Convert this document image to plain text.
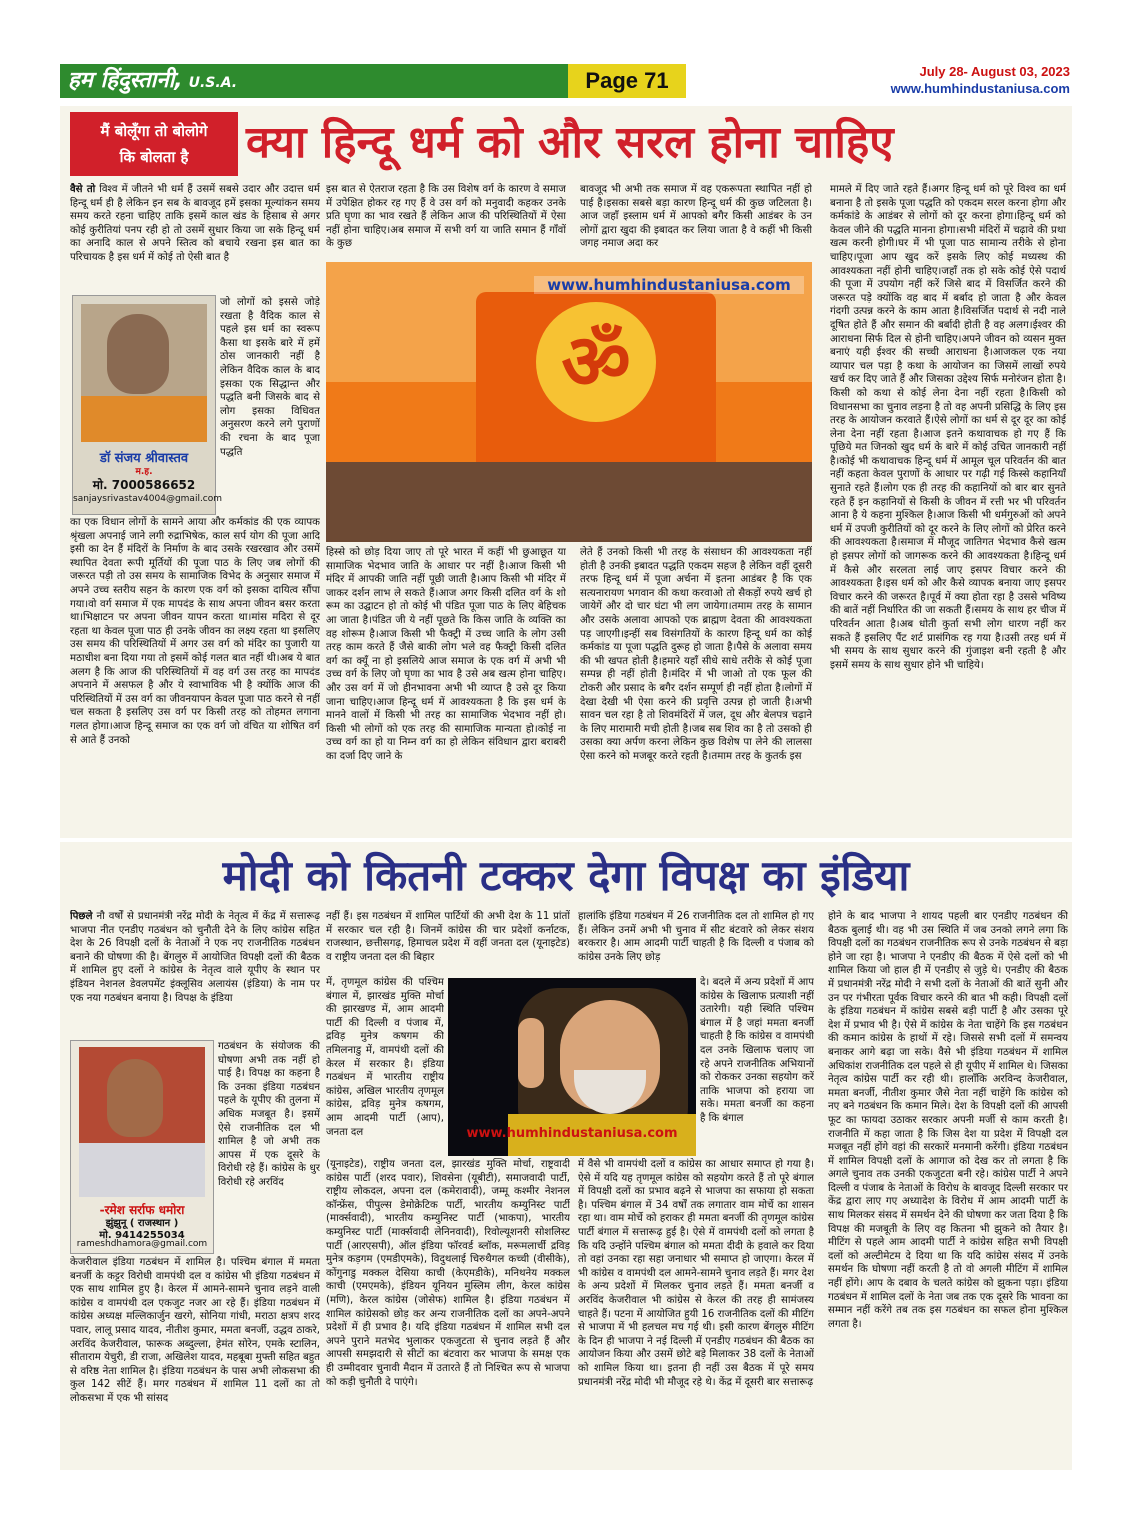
हम हिंदुस्तानी, U.S.A.	Page 71	July 28- August 03, 2023
www.humhindustaniusa.com
मैं बोलूँगा तो बोलोगे
कि बोलता है	क्या हिन्दू धर्म को और सरल होना चाहिए
वैसे तो विश्व में जीतने भी धर्म हैं उसमें सबसे उदार और उदात्त धर्म हिन्दू धर्म ही है लेकिन इन सब के बावजूद हमें इसका मूल्यांकन समय समय करते रहना चाहिए ताकि इसमें काल खंड के हिसाब से अगर कोई कुरीतियां पनप रही हो तो उसमें सुधार किया जा सके हिन्दू धर्म का अनादि काल से अपने स्तित्व को बचाये रखना इस बात का परिचायक है इस धर्म में कोई तो ऐसी बात है
जो लोगों को इससे जोड़े रखता है वैदिक काल से पहले इस धर्म का स्वरूप कैसा था इसके बारे में हमें ठोस जानकारी नहीं है लेकिन वैदिक काल के बाद इसका एक सिद्धान्त और पद्धति बनी जिसके बाद से लोग इसका विधिवत अनुसरण करने लगे पुराणों की रचना के बाद पूजा पद्धति
का एक विधान लोगों के सामने आया और कर्मकांड की एक व्यापक श्रृंखला अपनाई जाने लगी रुद्राभिषेक, काल सर्प योग की पूजा आदि इसी का देन हैं मंदिरों के निर्माण के बाद उसके रखरखाव और उसमें स्थापित देवता रूपी मूर्तियों की पूजा पाठ के लिए जब लोगों की जरूरत पड़ी तो उस समय के सामाजिक विभेद के अनुसार समाज में अपने उच्च स्तरीय सहन के कारण एक वर्ग को इसका दायित्व सौंपा गया।वो वर्ग समाज में एक मापदंड के साथ अपना जीवन बसर करता था।भिक्षाटन पर अपना जीवन यापन करता था।मांस मदिरा से दूर रहता था केवल पूजा पाठ ही उनके जीवन का लक्ष्य रहता था इसलिए उस समय की परिस्थितियों में अगर उस वर्ग को मंदिर का पुजारी या मठाधीश बना दिया गया तो इसमें कोई गलत बात नहीं थी।अब ये बात अलग है कि आज की परिस्थितियों में वह वर्ग उस तरह का मापदंड अपनाने में असफल है और ये स्वाभाविक भी है क्योंकि आज की परिस्थितियों में उस वर्ग का जीवनयापन केवल पूजा पाठ करने से नहीं चल सकता है इसलिए उस वर्ग पर किसी तरह को तोहमत लगाना गलत होगा।आज हिन्दू समाज का एक वर्ग जो वंचित या शोषित वर्ग से आते हैं उनको
डॉ संजय श्रीवास्तव
म.ह.
मो. 7000586652
sanjaysrivastav4004@gmail.com
इस बात से ऐतराज रहता है कि उस विशेष वर्ग के कारण वे समाज में उपेक्षित होकर रह गए हैं वे उस वर्ग को मनुवादी कहकर उनके प्रति घृणा का भाव रखते हैं लेकिन आज की परिस्थितियों में ऐसा नहीं होना चाहिए।अब समाज में सभी वर्ग या जाति समान हैं गाँवों के कुछ
बावजूद भी अभी तक समाज में वह एकरूपता स्थापित नहीं हो पाई है।इसका सबसे बड़ा कारण हिन्दू धर्म की कुछ जटिलता है।आज जहाँ इस्लाम धर्म में आपको बगैर किसी आडंबर के उन लोगों द्वारा खुदा की इबादत कर लिया जाता है वे कहीं भी किसी जगह नमाज अदा कर
ॐ
www.humhindustaniusa.com
हिस्से को छोड़ दिया जाए तो पूरे भारत में कहीं भी छुआछूत या सामाजिक भेदभाव जाति के आधार पर नहीं है।आज किसी भी मंदिर में आपकी जाति नहीं पूछी जाती है।आप किसी भी मंदिर में जाकर दर्शन लाभ ले सकते हैं।आज अगर किसी दलित वर्ग के शो रूम का उद्घाटन हो तो कोई भी पंडित पूजा पाठ के लिए बेहिचक आ जाता है।पंडित जी ये नहीं पूछते कि किस जाति के व्यक्ति का वह शोरूम है।आज किसी भी फैक्ट्री में उच्च जाति के लोग उसी तरह काम करते हैं जैसे बाकी लोग भले वह फैक्ट्री किसी दलित वर्ग का क्यूँ ना हो इसलिये आज समाज के एक वर्ग में अभी भी उच्च वर्ग के लिए जो घृणा का भाव है उसे अब खत्म होना चाहिए।और उस वर्ग में जो हीनभावना अभी भी व्याप्त है उसे दूर किया जाना चाहिए।आज हिन्दू धर्म में आवश्यकता है कि इस धर्म के मानने वालों में किसी भी तरह का सामाजिक भेदभाव नहीं हो।किसी भी लोगों को एक तरह की सामाजिक मान्यता हो।कोई ना उच्च वर्ग का हो या निम्न वर्ग का हो लेकिन संविधान द्वारा बराबरी का दर्जा दिए जाने के
लेते हैं उनको किसी भी तरह के संसाधन की आवश्यकता नहीं होती है उनकी इबादत पद्धति एकदम सहज है लेकिन वहीं दूसरी तरफ हिन्दू धर्म में पूजा अर्चना में इतना आडंबर है कि एक सत्यनारायण भगवान की कथा करवाओ तो सैकड़ों रुपये खर्च हो जायेगें और दो चार घंटा भी लग जायेगा।तमाम तरह के सामान और उसके अलावा आपको एक ब्राह्मण देवता की आवश्यकता पड़ जाएगी।इन्हीं सब विसंगतियों के कारण हिन्दू धर्म का कोई कर्मकांड या पूजा पद्धति दुरूह हो जाता है।पैसे के अलावा समय की भी खपत होती है।हमारे यहाँ सीधे साधे तरीके से कोई पूजा सम्पन्न ही नहीं होती है।मंदिर में भी जाओ तो एक फूल की टोकरी और प्रसाद के बगैर दर्शन सम्पूर्ण ही नहीं होता है।लोगों में देखा देखी भी ऐसा करने की प्रवृत्ति उत्पन्न हो जाती है।अभी सावन चल रहा है तो शिवमंदिरों में जल, दूध और बेलपत्र चढ़ाने के लिए मारामारी मची होती है।जब सब शिव का है तो उसको ही उसका क्या अर्पण करना लेकिन कुछ विशेष पा लेने की लालसा ऐसा करने को मजबूर करते रहती है।तमाम तरह के कुतर्क इस
मामले में दिए जाते रहते हैं।अगर हिन्दू धर्म को पूरे विश्व का धर्म बनाना है तो इसके पूजा पद्धति को एकदम सरल करना होगा और कर्मकांडे के आडंबर से लोगों को दूर करना होगा।हिन्दू धर्म को केवल जीने की पद्धति मानना होगा।सभी मंदिरों में चढ़ावे की प्रथा खत्म करनी होगी।घर में भी पूजा पाठ सामान्य तरीके से होना चाहिए।पूजा आप खुद करें इसके लिए कोई मध्यस्थ की आवश्यकता नहीं होनी चाहिए।जहाँ तक हो सके कोई ऐसे पदार्थ की पूजा में उपयोग नहीं करें जिसे बाद में विसर्जित करने की जरूरत पड़े क्योंकि वह बाद में बर्बाद हो जाता है और केवल गंदगी उत्पन्न करने के काम आता है।विसर्जित पदार्थ से नदी नाले दूषित होते हैं और समान की बर्बादी होती है वह अलग।ईश्वर की आराधना सिर्फ दिल से होनी चाहिए।अपने जीवन को व्यसन मुक्त बनाएं यही ईश्वर की सच्ची आराधना है।आजकल एक नया व्यापार चल पड़ा है कथा के आयोजन का जिसमें लाखों रुपये खर्च कर दिए जाते हैं और जिसका उद्देश्य सिर्फ मनोरंजन होता है।किसी को कथा से कोई लेना देना नहीं रहता है।किसी को विधानसभा का चुनाव लड़ना है तो वह अपनी प्रसिद्धि के लिए इस तरह के आयोजन करवाते हैं।ऐसे लोगों का धर्म से दूर दूर का कोई लेना देना नहीं रहता है।आज इतने कथावाचक हो गए हैं कि पूछिये मत जिनको खुद धर्म के बारे में कोई उचित जानकारी नहीं है।कोई भी कथावाचक हिन्दू धर्म में आमूल चूल परिवर्तन की बात नहीं कहता केवल पुराणों के आधार पर गढ़ी गई किस्से कहानियाँ सुनाते रहते हैं।लोग एक ही तरह की कहानियों को बार बार सुनते रहते हैं इन कहानियों से किसी के जीवन में रत्ती भर भी परिवर्तन आना है ये कहना मुश्किल है।आज किसी भी धर्मगुरुओं को अपने धर्म में उपजी कुरीतियों को दूर करने के लिए लोगों को प्रेरित करने की आवश्यकता है।समाज में मौजूद जातिगत भेदभाव कैसे खत्म हो इसपर लोगों को जागरूक करने की आवश्यकता है।हिन्दू धर्म में कैसे और सरलता लाई जाए इसपर विचार करने की आवश्यकता है।इस धर्म को और कैसे व्यापक बनाया जाए इसपर विचार करने की जरूरत है।पूर्व में क्या होता रहा है उससे भविष्य की बातें नहीं निर्धारित की जा सकती हैं।समय के साथ हर चीज में परिवर्तन आता है।अब धोती कुर्ता सभी लोग धारण नहीं कर सकते हैं इसलिए पैंट शर्ट प्रासंगिक रह गया है।उसी तरह धर्म में भी समय के साथ सुधार करने की गुंजाइश बनी रहती है और इसमें समय के साथ सुधार होने भी चाहिये।
मोदी को कितनी टक्कर देगा विपक्ष का इंडिया
पिछले नौ वर्षों से प्रधानमंत्री नरेंद्र मोदी के नेतृत्व में केंद्र में सत्तारूढ़ भाजपा नीत एनडीए गठबंधन को चुनौती देने के लिए कांग्रेस सहित देश के 26 विपक्षी दलों के नेताओं ने एक नए राजनीतिक गठबंधन बनाने की घोषणा की है। बेंगलुरु में आयोजित विपक्षी दलों की बैठक में शामिल हुए दलों ने कांग्रेस के नेतृत्व वाले यूपीए के स्थान पर इंडियन नेशनल डेवलपमेंट इंक्लूसिव अलायंस (इंडिया) के नाम पर एक नया गठबंधन बनाया है। विपक्ष के इंडिया
-रमेश सर्राफ धमोरा
झुंझुनू ( राजस्थान )
मो. 9414255034
rameshdhamora@gmail.com
गठबंधन के संयोजक की घोषणा अभी तक नहीं हो पाई है। विपक्ष का कहना है कि उनका इंडिया गठबंधन पहले के यूपीए की तुलना में अधिक मजबूत है। इसमें ऐसे राजनीतिक दल भी शामिल है जो अभी तक आपस में एक दूसरे के विरोधी रहे हैं। कांग्रेस के धुर विरोधी रहे अरविंद
केजरीवाल इंडिया गठबंधन में शामिल है। पश्चिम बंगाल में ममता बनर्जी के कट्टर विरोधी वामपंथी दल व कांग्रेस भी इंडिया गठबंधन में एक साथ शामिल हुए है। केरल में आमने-सामने चुनाव लड़ने वाली कांग्रेस व वामपंथी दल एकजुट नजर आ रहे हैं। इंडिया गठबंधन में कांग्रेस अध्यक्ष मल्लिकार्जुन खरगे, सोनिया गांधी, मराठा क्षत्रप शरद पवार, लालू प्रसाद यादव, नीतीश कुमार, ममता बनर्जी, उद्धव ठाकरे, अरविंद केजरीवाल, फारूक अब्दुल्ला, हेमंत सोरेन, एमके स्टालिन, सीताराम येचुरी, डी राजा, अखिलेश यादव, महबूबा मुफ्ती सहित बहुत से वरिष्ठ नेता शामिल है। इंडिया गठबंधन के पास अभी लोकसभा की कुल 142 सीटें हैं। मगर गठबंधन में शामिल 11 दलों का तो लोकसभा में एक भी सांसद
नहीं हैं। इस गठबंधन में शामिल पार्टियों की अभी देश के 11 प्रांतों में सरकार चल रही है। जिनमें कांग्रेस की चार प्रदेशों कर्नाटक, राजस्थान, छत्तीसगढ़, हिमाचल प्रदेश में वहीं जनता दल (यूनाइटेड) व राष्ट्रीय जनता दल की बिहार
में, तृणमूल कांग्रेस की पश्चिम बंगाल में, झारखंड मुक्ति मोर्चा की झारखण्ड में, आम आदमी पार्टी की दिल्ली व पंजाब में, द्रविड़ मुनेत्र कषगम की तमिलनाडु में, वामपंथी दलों की केरल में सरकार है। इंडिया गठबंधन में भारतीय राष्ट्रीय कांग्रेस, अखिल भारतीय तृणमूल कांग्रेस, द्रविड़ मुनेत्र कषगम, आम आदमी पार्टी (आप), जनता दल
(यूनाइटेड), राष्ट्रीय जनता दल, झारखंड मुक्ति मोर्चा, राष्ट्रवादी कांग्रेस पार्टी (शरद पवार), शिवसेना (यूबीटी), समाजवादी पार्टी, राष्ट्रीय लोकदल, अपना दल (कमेरावादी), जम्मू कश्मीर नेशनल कॉन्फ्रेंस, पीपुल्स डेमोक्रेटिक पार्टी, भारतीय कम्युनिस्ट पार्टी (मार्क्सवादी), भारतीय कम्युनिस्ट पार्टी (भाकपा), भारतीय कम्युनिस्ट पार्टी (मार्क्सवादी लेनिनवादी), रिवोल्यूशनरी सोशलिस्ट पार्टी (आरएसपी), ऑल इंडिया फॉरवर्ड ब्लॉक, मरूमलार्ची द्रविड़ मुनेत्र कड़गम (एमडीएमके), विदुथलाई चिरुथैगल कच्ची (वीसीके), कोंगुनाडु मक्कल देसिया काची (केएमडीके), मनिथनेय मक्कल काची (एमएमके), इंडियन यूनियन मुस्लिम लीग, केरल कांग्रेस (मणि), केरल कांग्रेस (जोसेफ) शामिल है। इंडिया गठबंधन में शामिल कांग्रेसको छोड़ कर अन्य राजनीतिक दलों का अपने-अपने प्रदेशों में ही प्रभाव है। यदि इंडिया गठबंधन में शामिल सभी दल अपने पुराने मतभेद भुलाकर एकजुटता से चुनाव लड़ते हैं और आपसी समझदारी से सीटों का बंटवारा कर भाजपा के समक्ष एक ही उम्मीदवार चुनावी मैदान में उतारते हैं तो निश्चित रूप से भाजपा को कड़ी चुनौती दे पाएंगे।
www.humhindustaniusa.com
हालांकि इंडिया गठबंधन में 26 राजनीतिक दल तो शामिल हो गए हैं। लेकिन उनमें अभी भी चुनाव में सीट बंटवारे को लेकर संशय बरकरार है। आम आदमी पार्टी चाहती है कि दिल्ली व पंजाब को कांग्रेस उनके लिए छोड़
दे। बदले में अन्य प्रदेशों में आप कांग्रेस के खिलाफ प्रत्याशी नहीं उतारेगी। यही स्थिति पश्चिम बंगाल में है जहां ममता बनर्जी चाहती है कि कांग्रेस व वामपंथी दल उनके खिलाफ चलाए जा रहे अपने राजनीतिक अभियानों को रोककर उनका सहयोग करें ताकि भाजपा को हराया जा सके। ममता बनर्जी का कहना है कि बंगाल
में वैसे भी वामपंथी दलों व कांग्रेस का आधार समाप्त हो गया है। ऐसे में यदि यह तृणमूल कांग्रेस को सहयोग करते हैं तो पूरे बंगाल में विपक्षी दलों का प्रभाव बढ़ने से भाजपा का सफाया हो सकता है। पश्चिम बंगाल में 34 वर्षों तक लगातार वाम मोर्चे का शासन रहा था। वाम मोर्चे को हराकर ही ममता बनर्जी की तृणमूल कांग्रेस पार्टी बंगाल में सत्तारूढ़ हुई है। ऐसे में वामपंथी दलों को लगता है कि यदि उन्होंने पश्चिम बंगाल को ममता दीदी के हवाले कर दिया तो वहां उनका रहा सहा जनाधार भी समाप्त हो जाएगा। केरल में भी कांग्रेस व वामपंथी दल आमने-सामने चुनाव लड़ते हैं। मगर देश के अन्य प्रदेशों में मिलकर चुनाव लड़ते हैं। ममता बनर्जी व अरविंद केजरीवाल भी कांग्रेस से केरल की तरह ही सामंजस्य चाहते हैं। पटना में आयोजित हुयी 16 राजनीतिक दलों की मीटिंग से भाजपा में भी हलचल मच गई थी। इसी कारण बेंगलुरु मीटिंग के दिन ही भाजपा ने नई दिल्ली में एनडीए गठबंधन की बैठक का आयोजन किया और उसमें छोटे बड़े मिलाकर 38 दलों के नेताओं को शामिल किया था। इतना ही नहीं उस बैठक में पूरे समय प्रधानमंत्री नरेंद्र मोदी भी मौजूद रहे थे। केंद्र में दूसरी बार सत्तारूढ़
होने के बाद भाजपा ने शायद पहली बार एनडीए गठबंधन की बैठक बुलाई थी। वह भी उस स्थिति में जब उनको लगने लगा कि विपक्षी दलों का गठबंधन राजनीतिक रूप से उनके गठबंधन से बड़ा होने जा रहा है। भाजपा ने एनडीए की बैठक में ऐसे दलों को भी शामिल किया जो हाल ही में एनडीए से जुड़े थे। एनडीए की बैठक में प्रधानमंत्री नरेंद्र मोदी ने सभी दलों के नेताओं की बातें सुनी और उन पर गंभीरता पूर्वक विचार करने की बात भी कही। विपक्षी दलों के इंडिया गठबंधन में कांग्रेस सबसे बड़ी पार्टी है और उसका पूरे देश में प्रभाव भी है। ऐसे में कांग्रेस के नेता चाहेंगे कि इस गठबंधन की कमान कांग्रेस के हाथों में रहे। जिससे सभी दलों में समन्वय बनाकर आगे बढ़ा जा सके। वैसे भी इंडिया गठबंधन में शामिल अधिकांश राजनीतिक दल पहले से ही यूपीए में शामिल थे। जिसका नेतृत्व कांग्रेस पार्टी कर रही थी। हालाँकि अरविन्द केजरीवाल, ममता बनर्जी, नीतीश कुमार जैसे नेता नहीं चाहेंगे कि कांग्रेस को नए बने गठबंधन कि कमान मिले। देश के विपक्षी दलों की आपसी फूट का फायदा उठाकर सरकार अपनी मर्जी से काम करती है। राजनीति में कहा जाता है कि जिस देश या प्रदेश में विपक्षी दल मजबूत नहीं होंगे वहां की सरकारें मनमानी करेंगी। इंडिया गठबंधन में शामिल विपक्षी दलों के आगाज को देख कर तो लगता है कि अगले चुनाव तक उनकी एकजुटता बनी रहे। कांग्रेस पार्टी ने अपने दिल्ली व पंजाब के नेताओं के विरोध के बावजूद दिल्ली सरकार पर केंद्र द्वारा लाए गए अध्यादेश के विरोध में आम आदमी पार्टी के साथ मिलकर संसद में समर्थन देने की घोषणा कर जता दिया है कि विपक्ष की मजबूती के लिए वह कितना भी झुकने को तैयार है। मीटिंग से पहले आम आदमी पार्टी ने कांग्रेस सहित सभी विपक्षी दलों को अल्टीमेटम दे दिया था कि यदि कांग्रेस संसद में उनके समर्थन कि घोषणा नहीं करती है तो वो अगली मीटिंग में शामिल नहीं होंगे। आप के दबाव के चलते कांग्रेस को झुकना पड़ा। इंडिया गठबंधन में शामिल दलों के नेता जब तक एक दूसरे कि भावना का सम्मान नहीं करेंगे तब तक इस गठबंधन का सफल होना मुश्किल लगता है।
